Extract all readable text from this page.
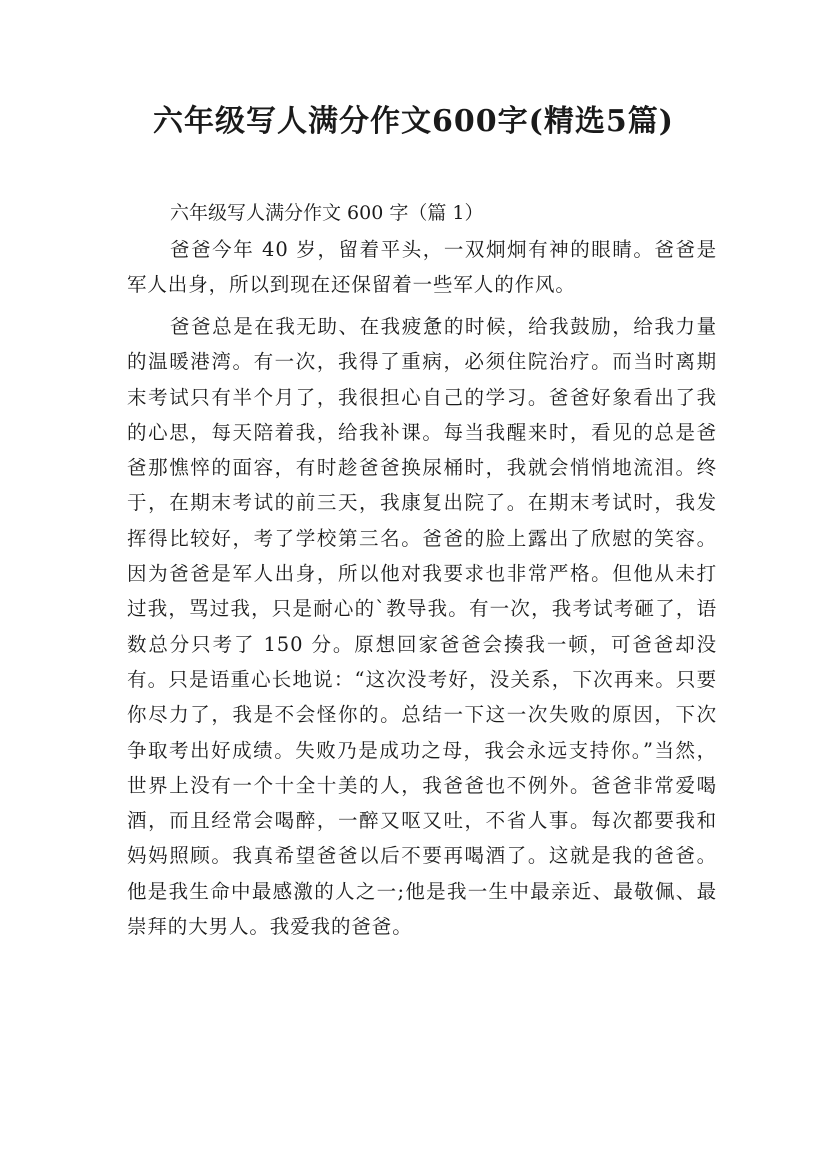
六年级写人满分作文600字(精选5篇)

六年级写人满分作文 600 字（篇 1）

爸爸今年 40 岁，留着平头，一双炯炯有神的眼睛。爸爸是军人出身，所以到现在还保留着一些军人的作风。

爸爸总是在我无助、在我疲惫的时候，给我鼓励，给我力量的温暖港湾。有一次，我得了重病，必须住院治疗。而当时离期末考试只有半个月了，我很担心自己的学习。爸爸好象看出了我的心思，每天陪着我，给我补课。每当我醒来时，看见的总是爸爸那憔悴的面容，有时趁爸爸换尿桶时，我就会悄悄地流泪。终于，在期末考试的前三天，我康复出院了。在期末考试时，我发挥得比较好，考了学校第三名。爸爸的脸上露出了欣慰的笑容。因为爸爸是军人出身，所以他对我要求也非常严格。但他从未打过我，骂过我，只是耐心的`教导我。有一次，我考试考砸了，语数总分只考了 150 分。原想回家爸爸会揍我一顿，可爸爸却没有。只是语重心长地说：“这次没考好，没关系，下次再来。只要你尽力了，我是不会怪你的。总结一下这一次失败的原因，下次争取考出好成绩。失败乃是成功之母，我会永远支持你。”当然，世界上没有一个十全十美的人，我爸爸也不例外。爸爸非常爱喝酒，而且经常会喝醉，一醉又呕又吐，不省人事。每次都要我和妈妈照顾。我真希望爸爸以后不要再喝酒了。这就是我的爸爸。他是我生命中最感激的人之一;他是我一生中最亲近、最敬佩、最崇拜的大男人。我爱我的爸爸。
